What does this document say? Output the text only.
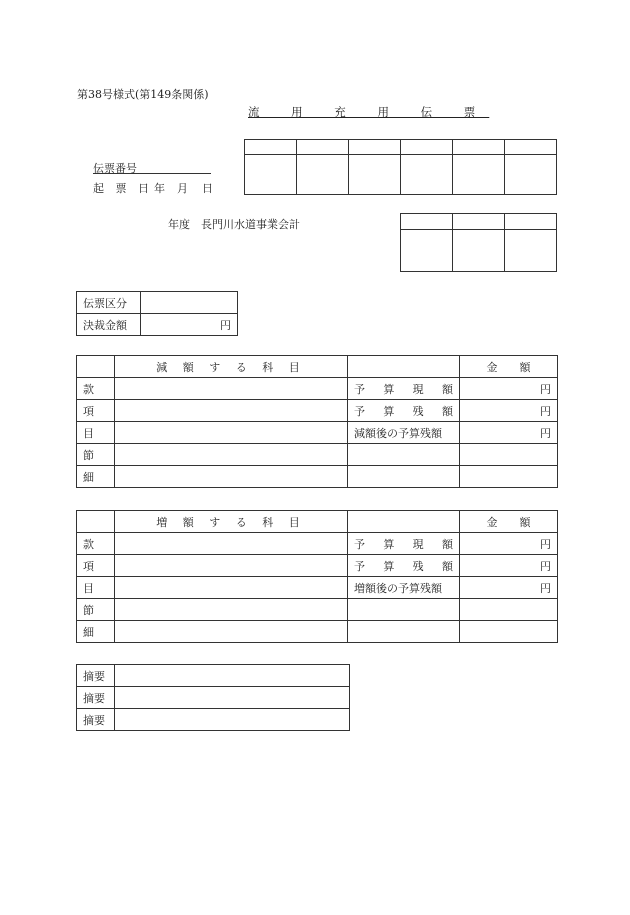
第38号様式(第149条関係)
流 用 充 用 伝 票

伝票番号
起 票 日 年 月 日
年度　長門川水道事業会計

伝票区分	
決裁金額	円
	減 額 す る 科 目		金　　額
款		予　算　現　額	円
項		予　算　残　額	円
目		減額後の予算残額	円
節			
細			
	増 額 す る 科 目		金　　額
款		予　算　現　額	円
項		予　算　残　額	円
目		増額後の予算残額	円
節			
細			
摘要	
摘要	
摘要	
